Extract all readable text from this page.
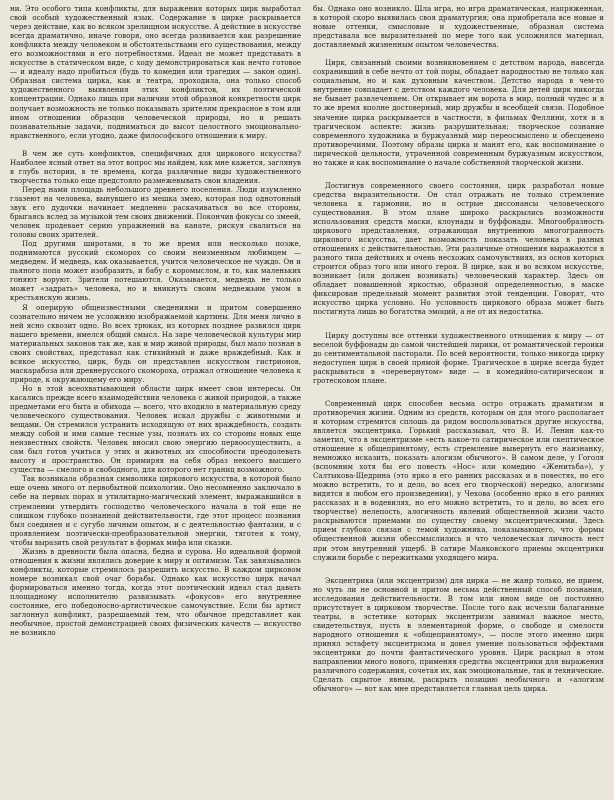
ни. Это особого типа конфликты, для выражения которых цирк выработал свой особый художественный язык. Содержание в цирке раскрывается через действие, как во всяком зрелищном искусстве. А действие в искусстве всегда драматично, иначе говоря, оно всегда развивается как разрешение конфликта между человеком и обстоятельствами его существования, между его возможностями и его потребностями. Идеал не может представать в искусстве в статическом виде, с ходу демонстрироваться как нечто готовое — и идеалу надо пробиться (будь то комедия или трагедия — закон один). Образная система цирка, как и театра, проходила, она только способ художественного выявления этих конфликтов, их поэтической концентрации. Однако лишь при наличии этой образной конкретности цирк получает возможность не только показывать зрителям прекрасное в том или ином отношении образцов человеческой природы, но и решать познавательные задачи, подниматься до высот целостного эмоционально-нравственного, если угодно, даже философского отношения к миру.

В чем же суть конфликтов, специфичных для циркового искусства? Наиболее ясный ответ на этот вопрос мы найдем, как мне кажется, заглянув в глубь истории, в те времена, когда различные виды художественного творчества только еще предстояло размежевывать свои владения.

Перед нами площадь небольшого древнего поселения. Люди изумленно глазеют на человека, вынувшего из мешка змею, которая под однотонный звук его дудочки начинает медленно раскачиваться во все стороны, брыгаясь вслед за музыкой тем своих движений. Покончив фокусы со змеей, человек продевает серию упражнений на канате, рискуя свалиться на головы своих зрителей.

Под другими широтами, в то же время или несколько позже, поднимаются русский скоморох со своим неизменным любимцем — медведем. И медведь, как оказывается, учится человеческое не чуждо. Он и пьяного попа может изобразить, и бабу с коромыслом, и то, как маленьких гоняют воруют. Зрители потешаются. Оказывается, медведь не только может «задрать» человека, но и вникнуть своим медвежьим умом в крестьянскую жизнь.

Я оперирую общеизвестными сведениями и притом совершенно сознательно ничем не усложняю изображаемой картины. Для меня лично в ней ясно сквозит одно. Во всех трюках, из которых позднее развился цирк нашего времени, имелся общий смысл. На заре человеческой культуры мир материальных законов так же, как и мир живой природы, был мало познан в своих свойствах, представал как стихийный и даже враждебный. Как и всякое искусство, цирк, будь он представлен искусством гистрионов, маскарабоза или древнерусского скомороха, отражал отношение человека к природе, к окружающему его миру.

Но в этой всеохватывающей области цирк имеет свои интересы. Он касались прежде всего взаимодействия человека с живой природой, а также предметами его быта и обихода — всего, что входило в материальную среду человеческого существования. Человек искал дружбы с животными и вещами. Он стремился устранить исходящую от них враждебность, создать между собой и ими самые тесные узы, познать их со стороны новых еще неизвестных свойств. Человек вносил свою энергию первоосуществить, а сам был готов учиться у этих и животных их способности преодолевать высоту и пространство. Он примиряя на себя образ некоего высшего существа — смелого и свободного, для которого нет границ возможного.

Так возникала образная символика циркового искусства, в которой было еще очень много от первобытной психологии. Оно несомненно заключало в себе на первых порах и утилитарно-магический элемент, выражавшийся в стремлении утвердить господство человеческого начала в той еще не слишком глубоко познанной действительности, где этот процесс познания был соединен и с сугубо личным опытом, и с деятельностью фантазии, и с проявлением поэтически-преобразовательной энергии, тяготея к тому, чтобы выразить свой результат в формах мифа или сказки.

Жизнь в древности была опасна, бедна и сурова. Но идеальной формой отношения к жизни являлись доверие к миру и оптимизм. Так завязывались конфликты, которые стремилось разрешить искусство. В каждом цирковом номере возникал свой очаг борьбы. Однако как искусство цирк начал формироваться именно тогда, когда этот поэтический идеал стал давать площадному исполнителю развязывать «фокусов» его внутреннее состояние, его победоносно-артистическое самочувствие. Если бы артист заглоннул конфликт, разрешаемый тем, что обычное представляет как необычное, простой демонстрацией своих физических качеств — искусство не возникло

бы. Однако оно возникло. Шла игра, но игра драматическая, напряженная, в которой скоро выявилась своя драматургия; она приобретала все новые и новые оттенки, смысловые и художественные, образная система представала все выразительней по мере того как усложнялся материал, доставляемый жизненным опытом человечества.

Цирк, связанный своими возникновением с детством народа, навсегда сохранивший в себе нечто от той поры, обладает народностью не только как социальным, но и как духовным качеством. Детство народа в чем-то внутренне совпадает с детством каждого человека. Для детей цирк никогда не бывает развлечением. Он открывает им ворота в мир, полный чудес и в то же время вполне достоверный, мир дружбы и всеобщей связи. Подобное значение цирка раскрывается в частности, в фильмах Феллини, хотя и в трагическом аспекте: жизнь разрушительная; творческое сознание современного художника и буржуазный мир переосмыслено и обесценено противоречиями. Поэтому образы цирка и манят его, как воспоминание о лирической цельности, утраченной современным буржуазным искусством, но также и как воспоминание о начале собственной творческой жизни.

Достигнув современного своего состояния, цирк разработал новые средства выразительности. Он стал отражать не только стремление человека к гармонии, но и острые диссонансы человеческого существования. В этом плане широко раскрылись возможности использования средств маски, клоунады и буффонады. Многообразность циркового представления, отражающая внутреннюю многогранность циркового искусства, дает возможность показать человека в разных отношениях с действительностью. Эти различные отношения выражаются в разного типа действиях и очень несхожих самочувствиях, из основ которых строится образ того или иного героя. В цирке, как и во всяком искусстве, возникает (или должен возникать) человеческий характер. Здесь он обладает повышенной яркостью, образной определенностью, в маске фиксирован предельный момент развития этой тенденции. Говорят, что искусство цирка условно. Но условность циркового образа может быть постигнута лишь во богатства эмоций, а не от их недостатка.

Цирку доступны все оттенки художественного отношения к миру — от веселой буффонады до самой чистейшей лирики, от романтической героики до сентиментальной пасторали. По всей вероятности, только никогда цирку недоступен цирк в своей прямой форме. Трагическое в цирке всегда будет раскрываться в «перевернутом» виде — в комедийно-сатирическом и гротесковом плане.

Современный цирк способен весьма остро отражать драматизм и противоречия жизни. Одним из средств, которым он для этого располагает и которым стремится сплошь да рядом воспользоваться другие искусства, является эксцентрика. Горький рассказывал, что В. И. Ленин как-то заметил, что в эксцентризме «есть какое-то сатирическое или скептическое отношение к общепринятому, есть стремление вывернуть его наизнанку, немножко исказить, показать алогизм обычного». В самом деле, у Гоголя (вспомним хотя бы его повесть «Нос» или комедию «Женитьба»), у Салтыкова-Щедрина (это ярко в его ранних рассказах и в повестях, но его можно встретить, то и дело, во всех его творческой) нередко, алогизмы видятся в любом его произведении), у Чехова (особенно ярко в его ранних рассказах и в водевилях, но его можно встретить, то и дело, во всех его творчестве) нелепость, алогичность явлений общественной жизни часто раскрываются приемами по существу своему эксцентрическими. Здесь прием глубоко связан с темой художника, показывающего, что формы общественной жизни обессмыслились и что человеческая личность нест при этом внутренний ущерб. В сатире Маяковского приемы эксцентрики служили борьбе с пережитками уходящего мира.

Эксцентрика (или эксцентризм) для цирка — не жанр только, не прием, но чуть ли не основной и притом весьма действенный способ познания, исследования действительности. В том или ином виде он постоянно присутствует в цирковом творчестве. После того как исчезли балаганные театры, в эстетике которых эксцентризм занимал важное место, свидетельствуя, пусть в элементарной форме, о свободе и смелости народного отношения к «общепринятому», — после этого именно цирк принял эстафету эксцентризма и довел умение пользоваться эффектами эксцентрики до почти фантастического уровня. Цирк раскрыл в этом направлении много нового, применяя средства эксцентрики для выражения различного содержания, сочетая их, как эмоциональные, так и технические. Сделать скрытое явным, раскрыть позицию необычного и «алогизм обычного» — вот как мне представляется главная цель цирка.
